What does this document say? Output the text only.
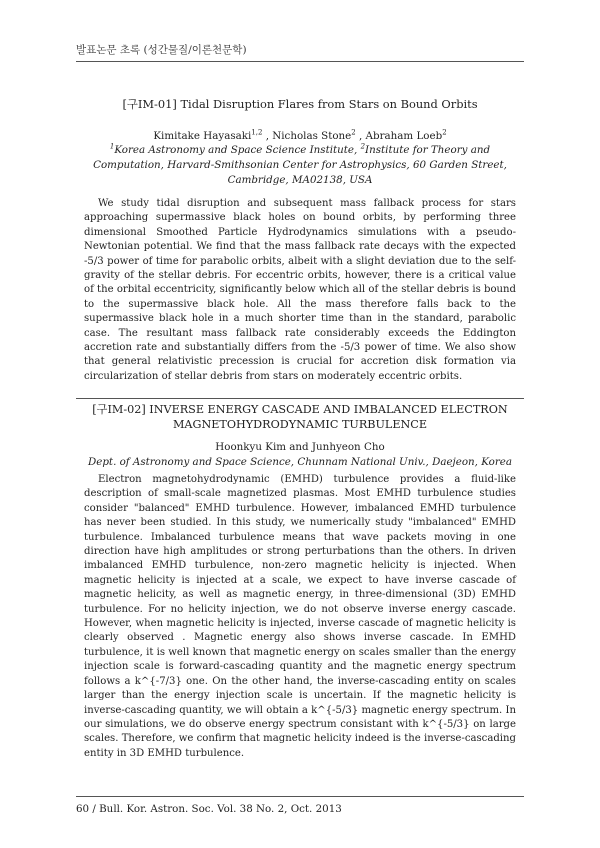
발표논문 초록 (성간물질/이론천문학)
[구IM-01] Tidal Disruption Flares from Stars on Bound Orbits
Kimitake Hayasaki$^{1,2}$ , Nicholas Stone$^2$ , Abraham Loeb$^2$
$^1$Korea Astronomy and Space Science Institute, $^2$Institute for Theory and Computation, Harvard-Smithsonian Center for Astrophysics, 60 Garden Street, Cambridge, MA02138, USA

We study tidal disruption and subsequent mass fallback process for stars approaching supermassive black holes on bound orbits, by performing three dimensional Smoothed Particle Hydrodynamics simulations with a pseudo-Newtonian potential. We find that the mass fallback rate decays with the expected -5/3 power of time for parabolic orbits, albeit with a slight deviation due to the self-gravity of the stellar debris. For eccentric orbits, however, there is a critical value of the orbital eccentricity, significantly below which all of the stellar debris is bound to the supermassive black hole. All the mass therefore falls back to the supermassive black hole in a much shorter time than in the standard, parabolic case. The resultant mass fallback rate considerably exceeds the Eddington accretion rate and substantially differs from the -5/3 power of time. We also show that general relativistic precession is crucial for accretion disk formation via circularization of stellar debris from stars on moderately eccentric orbits.

[구IM-02] INVERSE ENERGY CASCADE AND IMBALANCED ELECTRON MAGNETOHYDRODYNAMIC TURBULENCE
Hoonkyu Kim and Junhyeon Cho
Dept. of Astronomy and Space Science, Chunnam National Univ., Daejeon, Korea

Electron magnetohydrodynamic (EMHD) turbulence provides a fluid-like description of small-scale magnetized plasmas. Most EMHD turbulence studies consider "balanced" EMHD turbulence. However, imbalanced EMHD turbulence has never been studied. In this study, we numerically study "imbalanced" EMHD turbulence. Imbalanced turbulence means that wave packets moving in one direction have high amplitudes or strong perturbations than the others. In driven imbalanced EMHD turbulence, non-zero magnetic helicity is injected. When magnetic helicity is injected at a scale, we expect to have inverse cascade of magnetic helicity, as well as magnetic energy, in three-dimensional (3D) EMHD turbulence. For no helicity injection, we do not observe inverse energy cascade. However, when magnetic helicity is injected, inverse cascade of magnetic helicity is clearly observed . Magnetic energy also shows inverse cascade. In EMHD turbulence, it is well known that magnetic energy on scales smaller than the energy injection scale is forward-cascading quantity and the magnetic energy spectrum follows a k^{-7/3} one. On the other hand, the inverse-cascading entity on scales larger than the energy injection scale is uncertain. If the magnetic helicity is inverse-cascading quantity, we will obtain a k^{-5/3} magnetic energy spectrum. In our simulations, we do observe energy spectrum consistant with k^{-5/3} on large scales. Therefore, we confirm that magnetic helicity indeed is the inverse-cascading entity in 3D EMHD turbulence.

60 / Bull. Kor. Astron. Soc. Vol. 38 No. 2, Oct. 2013
